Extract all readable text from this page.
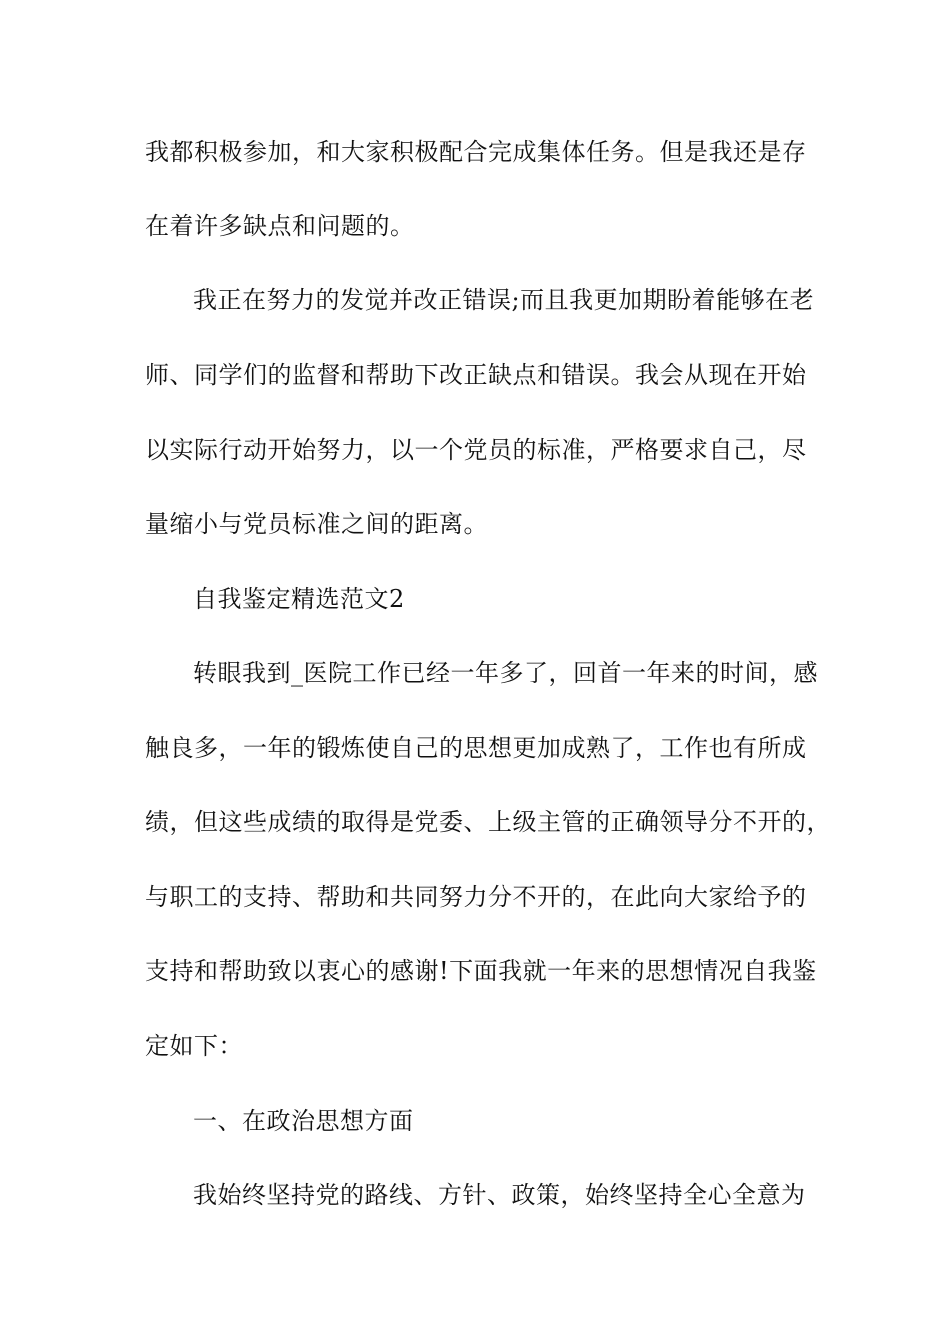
我都积极参加，和大家积极配合完成集体任务。但是我还是存
在着许多缺点和问题的。
我正在努力的发觉并改正错误;而且我更加期盼着能够在老
师、同学们的监督和帮助下改正缺点和错误。我会从现在开始
以实际行动开始努力，以一个党员的标准，严格要求自己，尽
量缩小与党员标准之间的距离。
自我鉴定精选范文2
转眼我到_医院工作已经一年多了，回首一年来的时间，感
触良多，一年的锻炼使自己的思想更加成熟了，工作也有所成
绩，但这些成绩的取得是党委、上级主管的正确领导分不开的，
与职工的支持、帮助和共同努力分不开的，在此向大家给予的
支持和帮助致以衷心的感谢!下面我就一年来的思想情况自我鉴
定如下：
一、在政治思想方面
我始终坚持党的路线、方针、政策，始终坚持全心全意为
